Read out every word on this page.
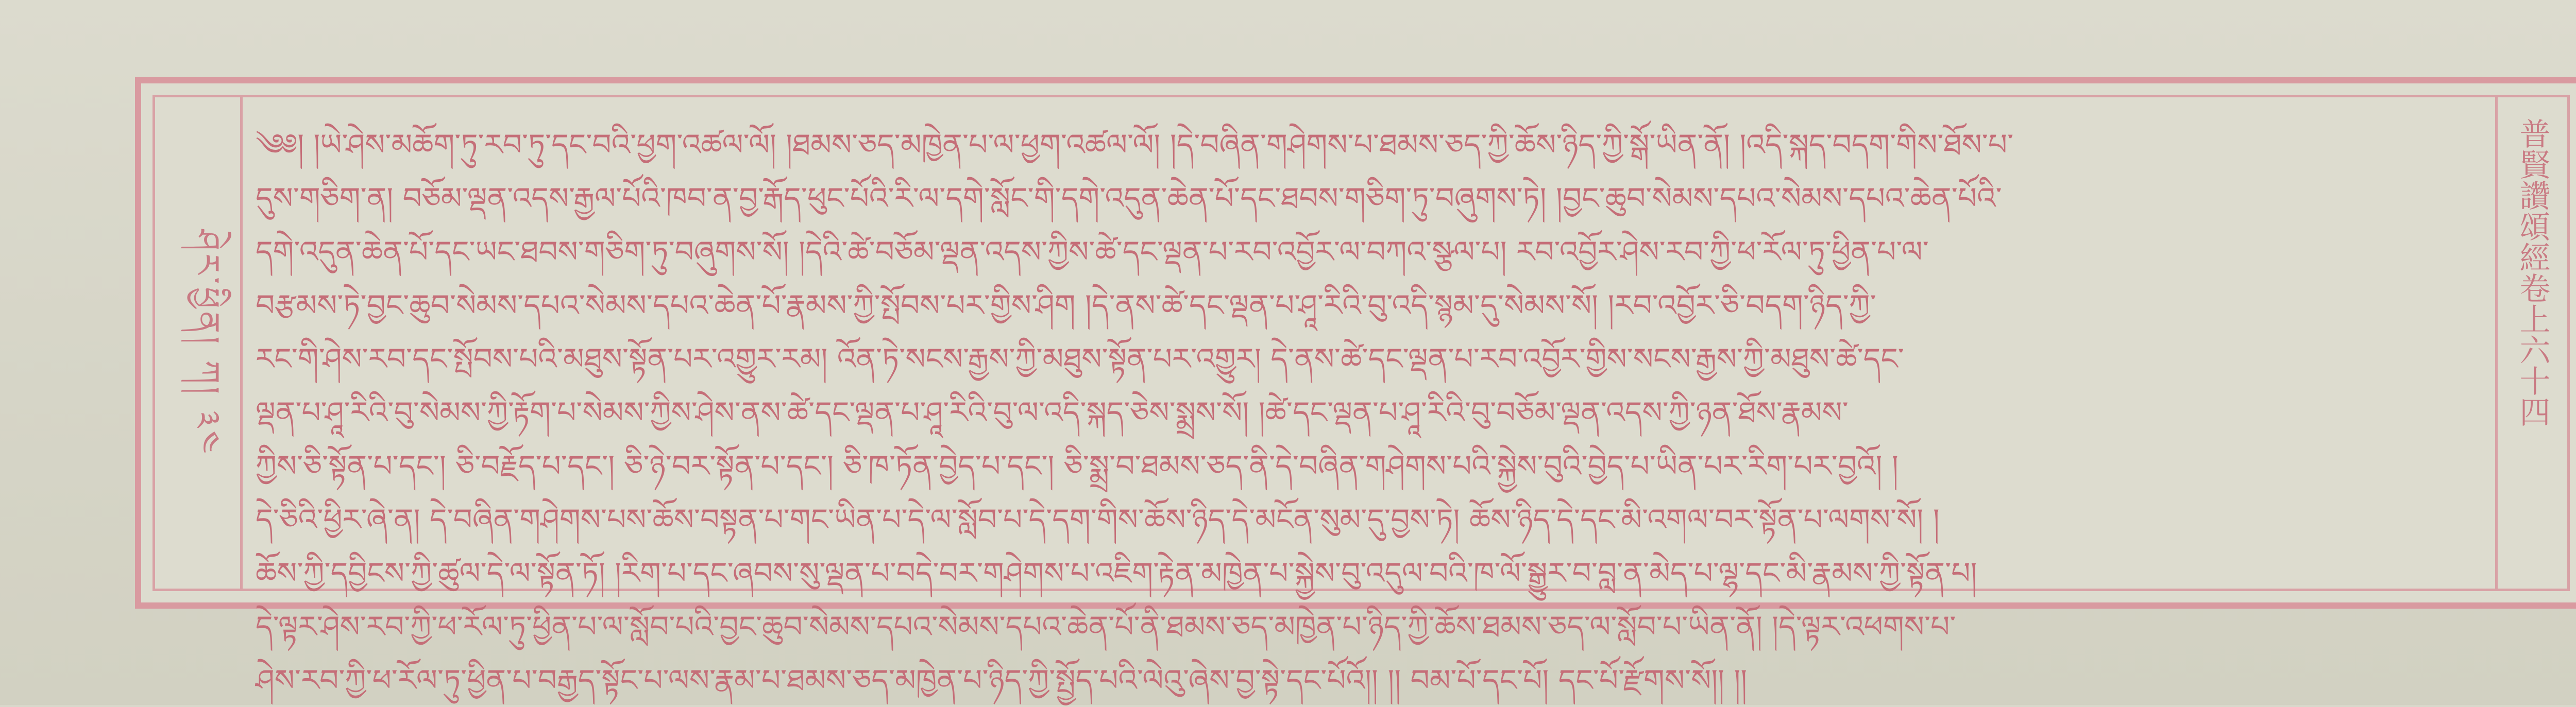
ཤེར་ཕྱིན། ཀ། ༣༤
༄༅། །ཡེ་ཤེས་མཆོག་ཏུ་རབ་ཏུ་དང་བའི་ཕྱག་འཚལ་ལོ། །ཐམས་ཅད་མཁྱེན་པ་ལ་ཕྱག་འཚལ་ལོ། །དེ་བཞིན་གཤེགས་པ་ཐམས་ཅད་ཀྱི་ཆོས་ཉིད་ཀྱི་སྒོ་ཡིན་ནོ། །འདི་སྐད་བདག་གིས་ཐོས་པ་
དུས་གཅིག་ན། བཅོམ་ལྡན་འདས་རྒྱལ་པོའི་ཁབ་ན་བྱ་རྒོད་ཕུང་པོའི་རི་ལ་དགེ་སློང་གི་དགེ་འདུན་ཆེན་པོ་དང་ཐབས་གཅིག་ཏུ་བཞུགས་ཏེ། །བྱང་ཆུབ་སེམས་དཔའ་སེམས་དཔའ་ཆེན་པོའི་
དགེ་འདུན་ཆེན་པོ་དང་ཡང་ཐབས་གཅིག་ཏུ་བཞུགས་སོ། །དེའི་ཚེ་བཅོམ་ལྡན་འདས་ཀྱིས་ཚེ་དང་ལྡན་པ་རབ་འབྱོར་ལ་བཀའ་སྩལ་པ། རབ་འབྱོར་ཤེས་རབ་ཀྱི་ཕ་རོལ་ཏུ་ཕྱིན་པ་ལ་
བརྩམས་ཏེ་བྱང་ཆུབ་སེམས་དཔའ་སེམས་དཔའ་ཆེན་པོ་རྣམས་ཀྱི་སྤོབས་པར་གྱིས་ཤིག །དེ་ནས་ཚེ་དང་ལྡན་པ་ཤཱ་རིའི་བུ་འདི་སྙམ་དུ་སེམས་སོ། །རབ་འབྱོར་ཅི་བདག་ཉིད་ཀྱི་
རང་གི་ཤེས་རབ་དང་སྤོབས་པའི་མཐུས་སྟོན་པར་འགྱུར་རམ། འོན་ཏེ་སངས་རྒྱས་ཀྱི་མཐུས་སྟོན་པར་འགྱུར། དེ་ནས་ཚེ་དང་ལྡན་པ་རབ་འབྱོར་གྱིས་སངས་རྒྱས་ཀྱི་མཐུས་ཚེ་དང་
ལྡན་པ་ཤཱ་རིའི་བུ་སེམས་ཀྱི་རྟོག་པ་སེམས་ཀྱིས་ཤེས་ནས་ཚེ་དང་ལྡན་པ་ཤཱ་རིའི་བུ་ལ་འདི་སྐད་ཅེས་སྨྲས་སོ། །ཚེ་དང་ལྡན་པ་ཤཱ་རིའི་བུ་བཅོམ་ལྡན་འདས་ཀྱི་ཉན་ཐོས་རྣམས་
ཀྱིས་ཅི་སྟོན་པ་དང་། ཅི་བརྗོད་པ་དང་། ཅི་ཉེ་བར་སྟོན་པ་དང་། ཅི་ཁ་ཏོན་བྱེད་པ་དང་། ཅི་སྨྲ་བ་ཐམས་ཅད་ནི་དེ་བཞིན་གཤེགས་པའི་སྐྱེས་བུའི་བྱེད་པ་ཡིན་པར་རིག་པར་བྱའོ། །
དེ་ཅིའི་ཕྱིར་ཞེ་ན། དེ་བཞིན་གཤེགས་པས་ཆོས་བསྟན་པ་གང་ཡིན་པ་དེ་ལ་སློབ་པ་དེ་དག་གིས་ཆོས་ཉིད་དེ་མངོན་སུམ་དུ་བྱས་ཏེ། ཆོས་ཉིད་དེ་དང་མི་འགལ་བར་སྟོན་པ་ལགས་སོ། །
ཆོས་ཀྱི་དབྱིངས་ཀྱི་ཚུལ་དེ་ལ་སྟོན་ཏོ། །རིག་པ་དང་ཞབས་སུ་ལྡན་པ་བདེ་བར་གཤེགས་པ་འཇིག་རྟེན་མཁྱེན་པ་སྐྱེས་བུ་འདུལ་བའི་ཁ་ལོ་སྒྱུར་བ་བླ་ན་མེད་པ་ལྷ་དང་མི་རྣམས་ཀྱི་སྟོན་པ།
དེ་ལྟར་ཤེས་རབ་ཀྱི་ཕ་རོལ་ཏུ་ཕྱིན་པ་ལ་སློབ་པའི་བྱང་ཆུབ་སེམས་དཔའ་སེམས་དཔའ་ཆེན་པོ་ནི་ཐམས་ཅད་མཁྱེན་པ་ཉིད་ཀྱི་ཆོས་ཐམས་ཅད་ལ་སློབ་པ་ཡིན་ནོ། །དེ་ལྟར་འཕགས་པ་
ཤེས་རབ་ཀྱི་ཕ་རོལ་ཏུ་ཕྱིན་པ་བརྒྱད་སྟོང་པ་ལས་རྣམ་པ་ཐམས་ཅད་མཁྱེན་པ་ཉིད་ཀྱི་སྤྱོད་པའི་ལེའུ་ཞེས་བྱ་སྟེ་དང་པོའོ།། །། བམ་པོ་དང་པོ། དང་པོ་རྫོགས་སོ།། །།
普賢讚頌經卷上六十四
